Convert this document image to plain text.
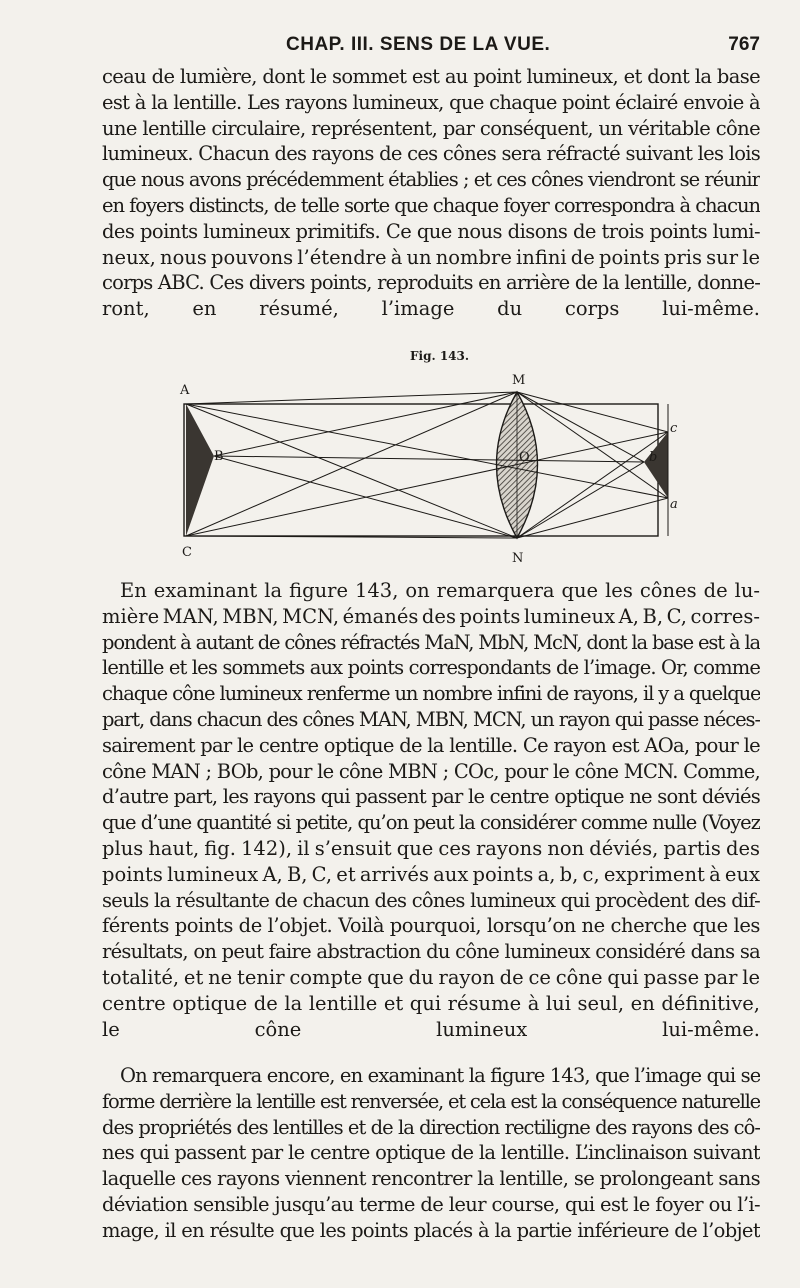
CHAP. III. SENS DE LA VUE.	767
ceau de lumière, dont le sommet est au point lumineux, et dont la base
est à la lentille. Les rayons lumineux, que chaque point éclairé envoie à
une lentille circulaire, représentent, par conséquent, un véritable cône
lumineux. Chacun des rayons de ces cônes sera réfracté suivant les lois
que nous avons précédemment établies ; et ces cônes viendront se réunir
en foyers distincts, de telle sorte que chaque foyer correspondra à chacun
des points lumineux primitifs. Ce que nous disons de trois points lumi-
neux, nous pouvons l’étendre à un nombre infini de points pris sur le
corps ABC. Ces divers points, reproduits en arrière de la lentille, donne-
ront, en résumé, l’image du corps lui-même.
Fig. 143.
A
B
C
M
N
O
a
b
c
En examinant la figure 143, on remarquera que les cônes de lu-
mière MAN, MBN, MCN, émanés des points lumineux A, B, C, corres-
pondent à autant de cônes réfractés MaN, MbN, McN, dont la base est à la
lentille et les sommets aux points correspondants de l’image. Or, comme
chaque cône lumineux renferme un nombre infini de rayons, il y a quelque
part, dans chacun des cônes MAN, MBN, MCN, un rayon qui passe néces-
sairement par le centre optique de la lentille. Ce rayon est AOa, pour le
cône MAN ; BOb, pour le cône MBN ; COc, pour le cône MCN. Comme,
d’autre part, les rayons qui passent par le centre optique ne sont déviés
que d’une quantité si petite, qu’on peut la considérer comme nulle (Voyez
plus haut, fig. 142), il s’ensuit que ces rayons non déviés, partis des
points lumineux A, B, C, et arrivés aux points a, b, c, expriment à eux
seuls la résultante de chacun des cônes lumineux qui procèdent des dif-
férents points de l’objet. Voilà pourquoi, lorsqu’on ne cherche que les
résultats, on peut faire abstraction du cône lumineux considéré dans sa
totalité, et ne tenir compte que du rayon de ce cône qui passe par le
centre optique de la lentille et qui résume à lui seul, en définitive,
le cône lumineux lui-même.
On remarquera encore, en examinant la figure 143, que l’image qui se
forme derrière la lentille est renversée, et cela est la conséquence naturelle
des propriétés des lentilles et de la direction rectiligne des rayons des cô-
nes qui passent par le centre optique de la lentille. L’inclinaison suivant
laquelle ces rayons viennent rencontrer la lentille, se prolongeant sans
déviation sensible jusqu’au terme de leur course, qui est le foyer ou l’i-
mage, il en résulte que les points placés à la partie inférieure de l’objet
